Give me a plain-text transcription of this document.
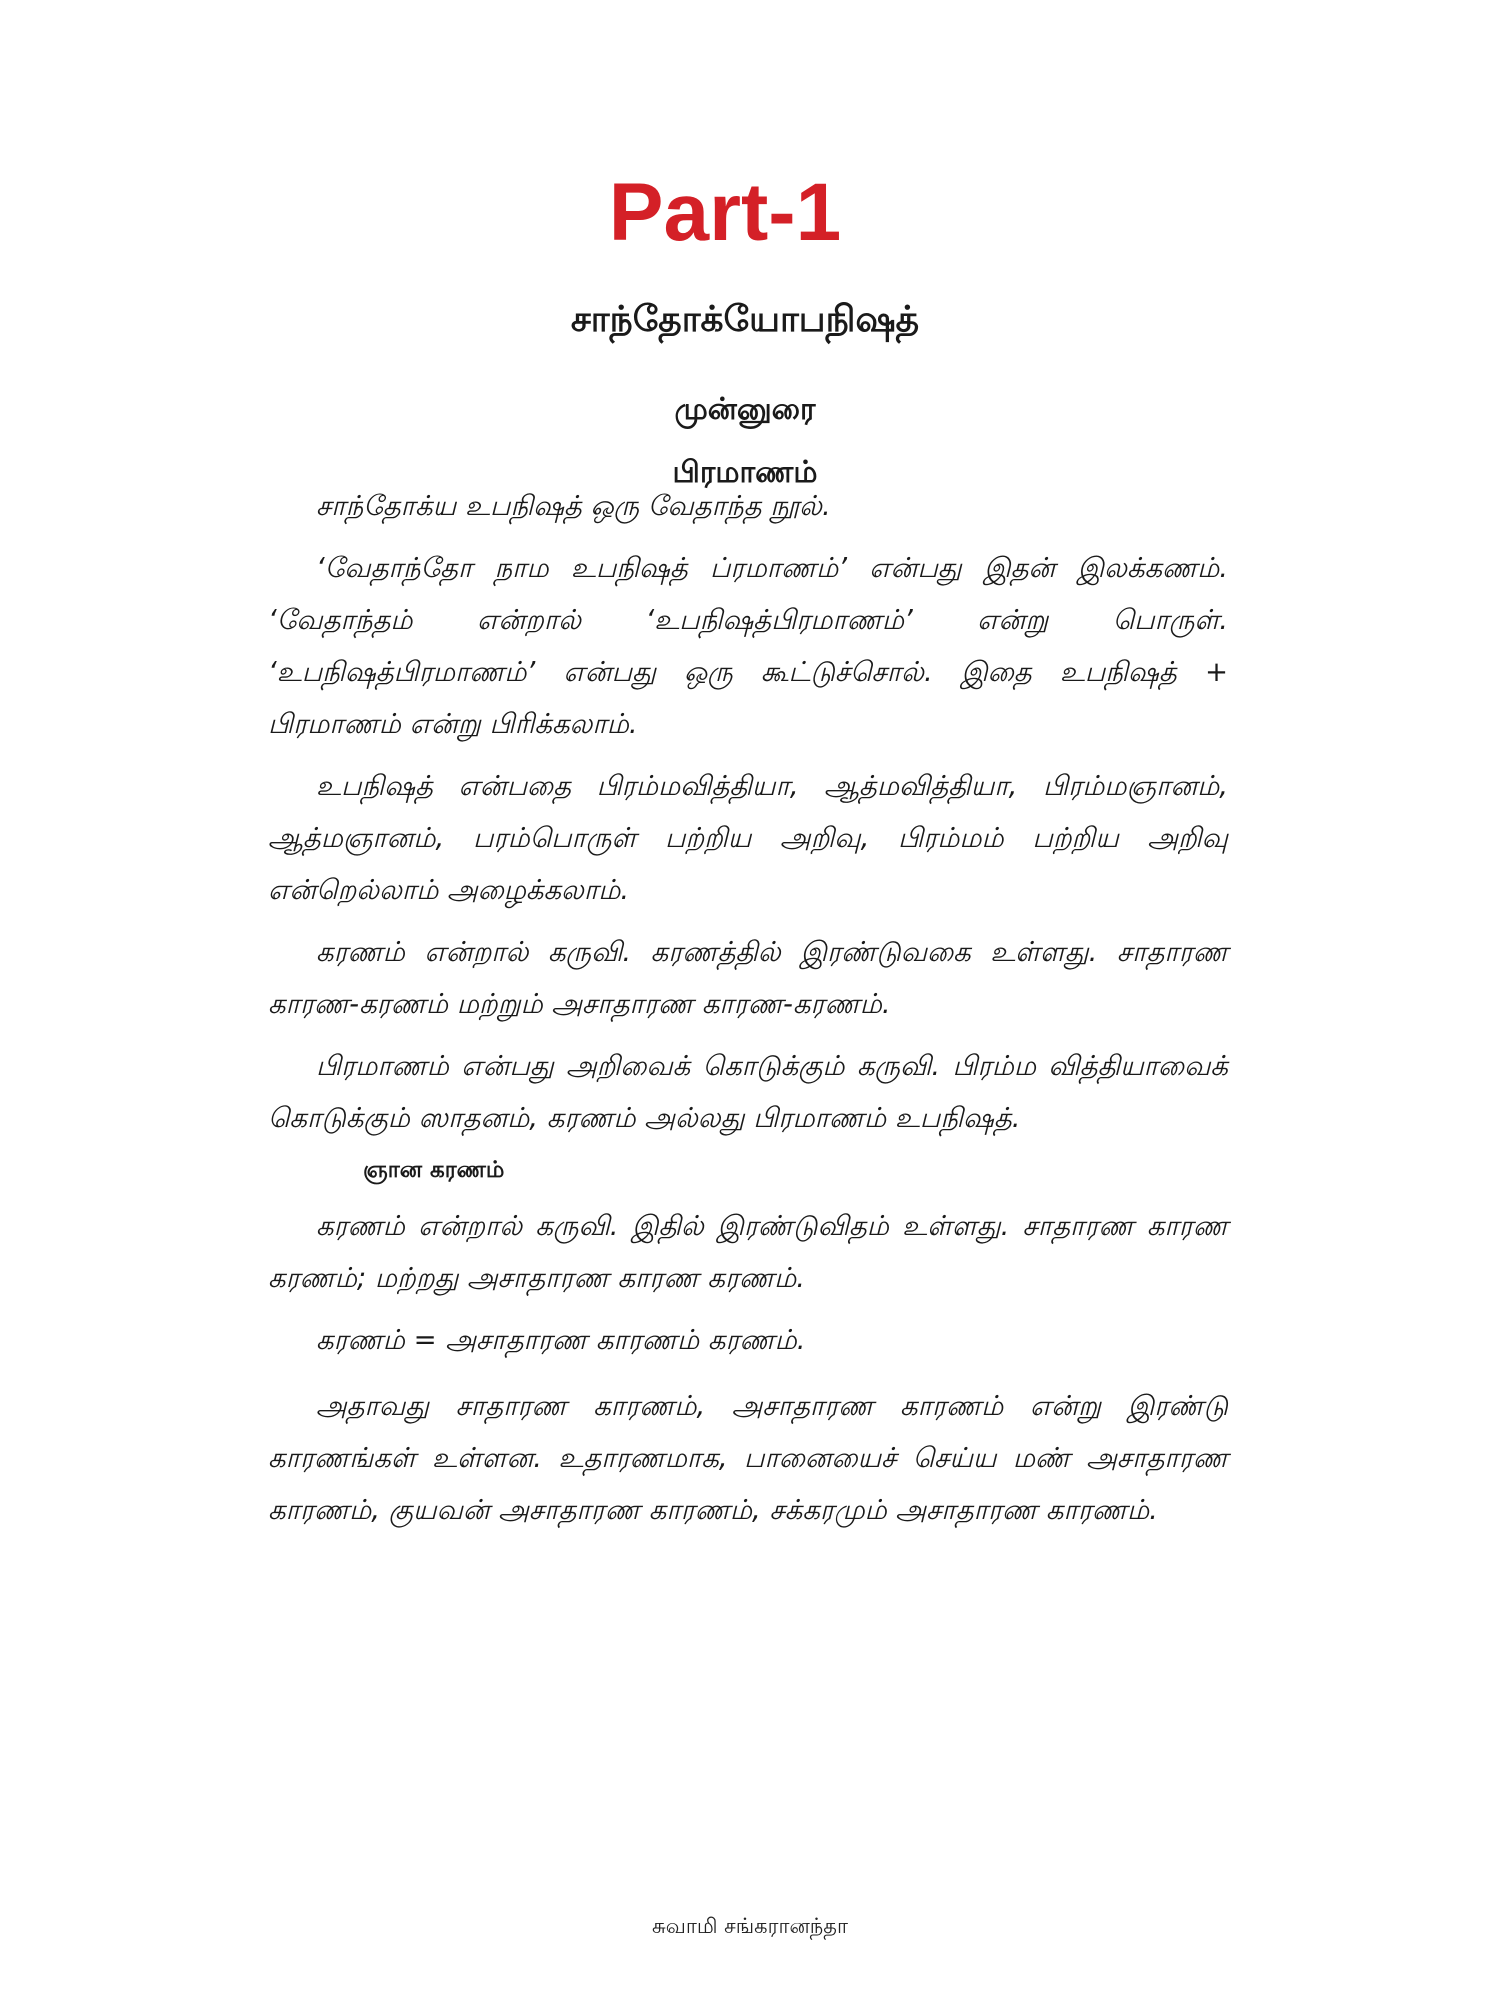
Part-1
சாந்தோக்யோபநிஷத்
முன்னுரை
பிரமாணம்

சாந்தோக்ய உபநிஷத் ஒரு வேதாந்த நூல்.

‘வேதாந்தோ நாம உபநிஷத் ப்ரமாணம்’ என்பது இதன் இலக்கணம். ‘வேதாந்தம் என்றால் ‘உபநிஷத்பிரமாணம்’ என்று பொருள். ‘உபநிஷத்பிரமாணம்’ என்பது ஒரு கூட்டுச்சொல். இதை உபநிஷத் + பிரமாணம் என்று பிரிக்கலாம்.

உபநிஷத் என்பதை பிரம்மவித்தியா, ஆத்மவித்தியா, பிரம்மஞானம், ஆத்மஞானம், பரம்பொருள் பற்றிய அறிவு, பிரம்மம் பற்றிய அறிவு என்றெல்லாம் அழைக்கலாம்.

கரணம் என்றால் கருவி. கரணத்தில் இரண்டுவகை உள்ளது. சாதாரண காரண-கரணம் மற்றும் அசாதாரண காரண-கரணம்.

பிரமாணம் என்பது அறிவைக் கொடுக்கும் கருவி. பிரம்ம வித்தியாவைக் கொடுக்கும் ஸாதனம், கரணம் அல்லது பிரமாணம் உபநிஷத்.

ஞான கரணம்

கரணம் என்றால் கருவி. இதில் இரண்டுவிதம் உள்ளது. சாதாரண காரண கரணம்; மற்றது அசாதாரண காரண கரணம்.

கரணம் = அசாதாரண காரணம் கரணம்.

அதாவது சாதாரண காரணம், அசாதாரண காரணம் என்று இரண்டு காரணங்கள் உள்ளன. உதாரணமாக, பானையைச் செய்ய மண் அசாதாரண காரணம், குயவன் அசாதாரண காரணம், சக்கரமும் அசாதாரண காரணம்.

சுவாமி சங்கரானந்தா
